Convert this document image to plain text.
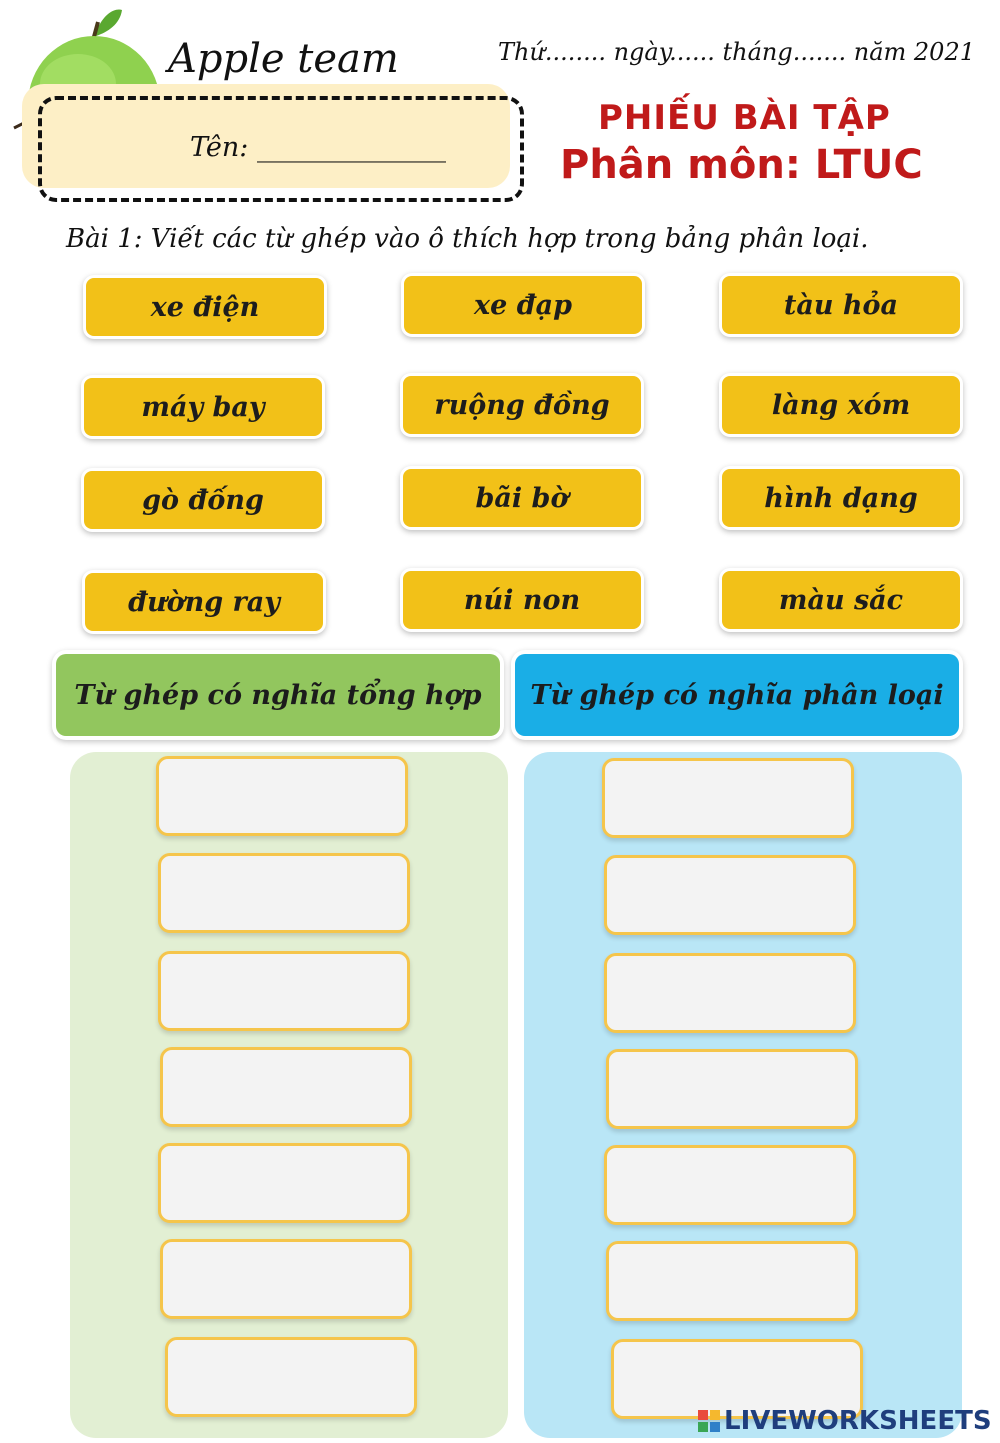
Apple team
Tên: ______________
Thứ........ ngày...... tháng....... năm 2021
PHIẾU BÀI TẬP
Phân môn: LTUC
Bài 1: Viết các từ ghép vào ô thích hợp trong bảng phân loại.
xe điện	xe đạp	tàu hỏa
máy bay	ruộng đồng	làng xóm
gò đống	bãi bờ	hình dạng
đường ray	núi non	màu sắc
Từ ghép có nghĩa tổng hợp	Từ ghép có nghĩa phân loại
LIVEWORKSHEETS
